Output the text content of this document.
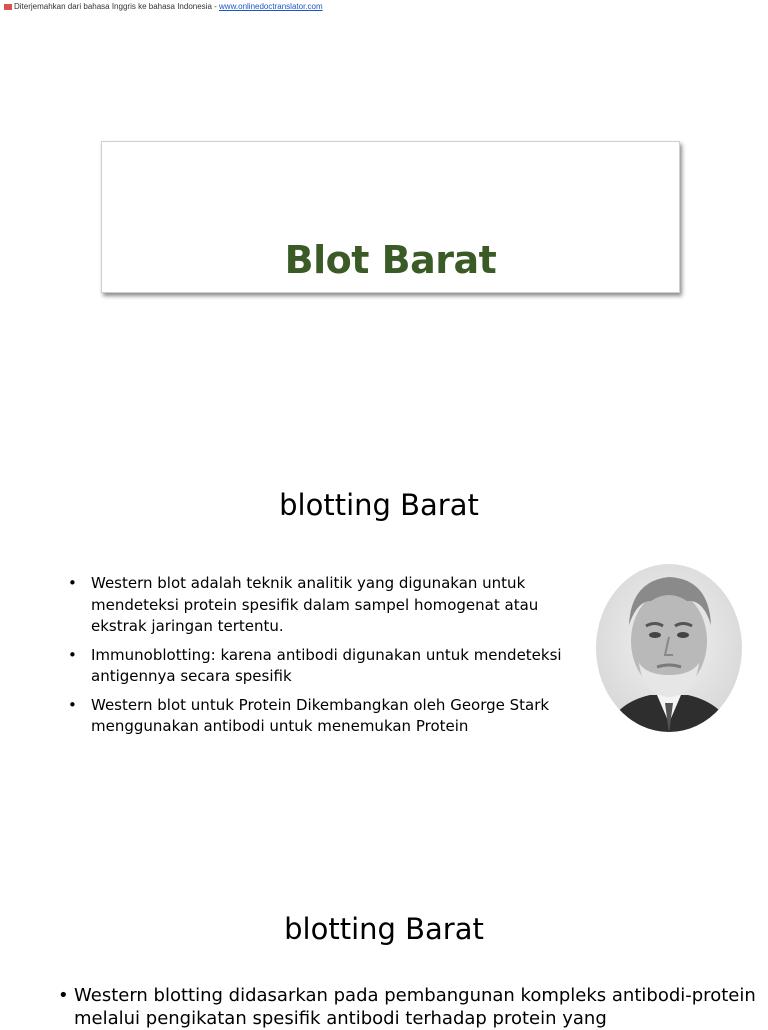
Diterjemahkan dari bahasa Inggris ke bahasa Indonesia - www.onlinedoctranslator.com
Blot Barat
blotting Barat
• Western blot adalah teknik analitik yang digunakan untuk mendeteksi protein spesifik dalam sampel homogenat atau ekstrak jaringan tertentu.
• Immunoblotting: karena antibodi digunakan untuk mendeteksi antigennya secara spesifik
• Western blot untuk Protein Dikembangkan oleh George Stark menggunakan antibodi untuk menemukan Protein
blotting Barat
• Western blotting didasarkan pada pembangunan kompleks antibodi-protein melalui pengikatan spesifik antibodi terhadap protein yang
